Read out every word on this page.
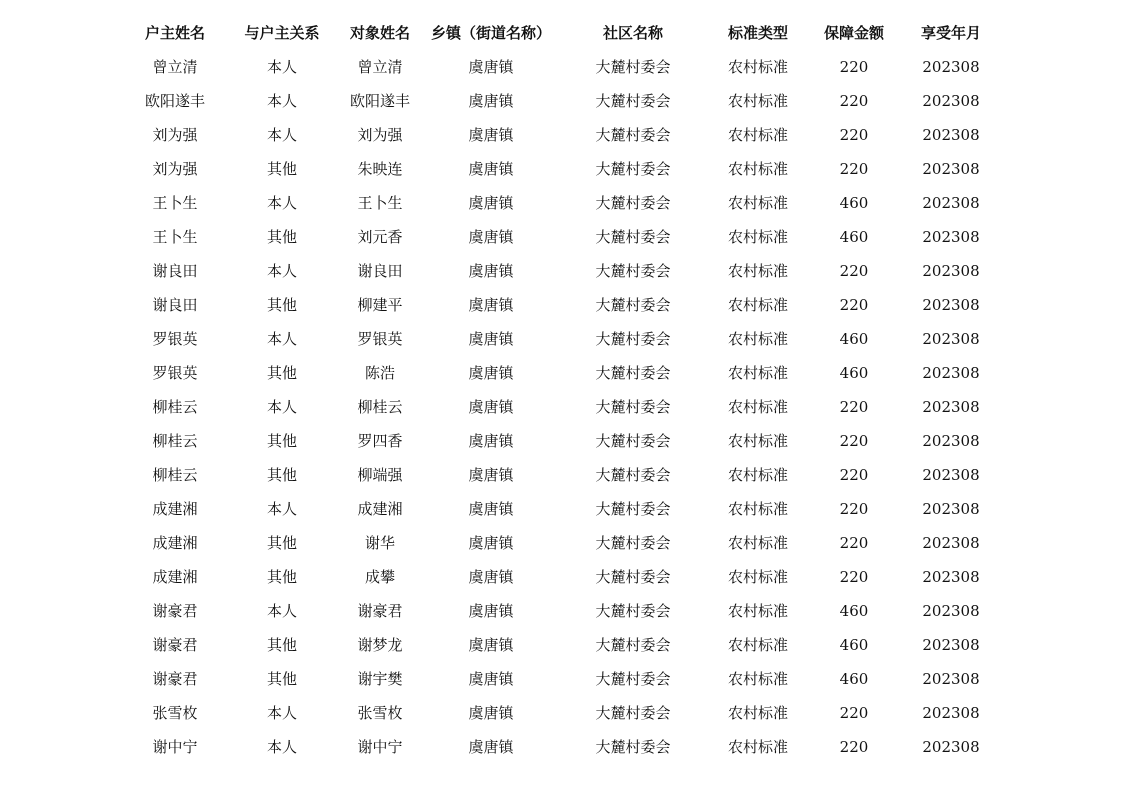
户主姓名	与户主关系	对象姓名	乡镇（街道名称）	社区名称	标准类型	保障金额	享受年月
曾立清	本人	曾立清	虞唐镇	大麓村委会	农村标准	220	202308
欧阳遂丰	本人	欧阳遂丰	虞唐镇	大麓村委会	农村标准	220	202308
刘为强	本人	刘为强	虞唐镇	大麓村委会	农村标准	220	202308
刘为强	其他	朱映连	虞唐镇	大麓村委会	农村标准	220	202308
王卜生	本人	王卜生	虞唐镇	大麓村委会	农村标准	460	202308
王卜生	其他	刘元香	虞唐镇	大麓村委会	农村标准	460	202308
谢良田	本人	谢良田	虞唐镇	大麓村委会	农村标准	220	202308
谢良田	其他	柳建平	虞唐镇	大麓村委会	农村标准	220	202308
罗银英	本人	罗银英	虞唐镇	大麓村委会	农村标准	460	202308
罗银英	其他	陈浩	虞唐镇	大麓村委会	农村标准	460	202308
柳桂云	本人	柳桂云	虞唐镇	大麓村委会	农村标准	220	202308
柳桂云	其他	罗四香	虞唐镇	大麓村委会	农村标准	220	202308
柳桂云	其他	柳端强	虞唐镇	大麓村委会	农村标准	220	202308
成建湘	本人	成建湘	虞唐镇	大麓村委会	农村标准	220	202308
成建湘	其他	谢华	虞唐镇	大麓村委会	农村标准	220	202308
成建湘	其他	成攀	虞唐镇	大麓村委会	农村标准	220	202308
谢豪君	本人	谢豪君	虞唐镇	大麓村委会	农村标准	460	202308
谢豪君	其他	谢梦龙	虞唐镇	大麓村委会	农村标准	460	202308
谢豪君	其他	谢宇樊	虞唐镇	大麓村委会	农村标准	460	202308
张雪枚	本人	张雪枚	虞唐镇	大麓村委会	农村标准	220	202308
谢中宁	本人	谢中宁	虞唐镇	大麓村委会	农村标准	220	202308
